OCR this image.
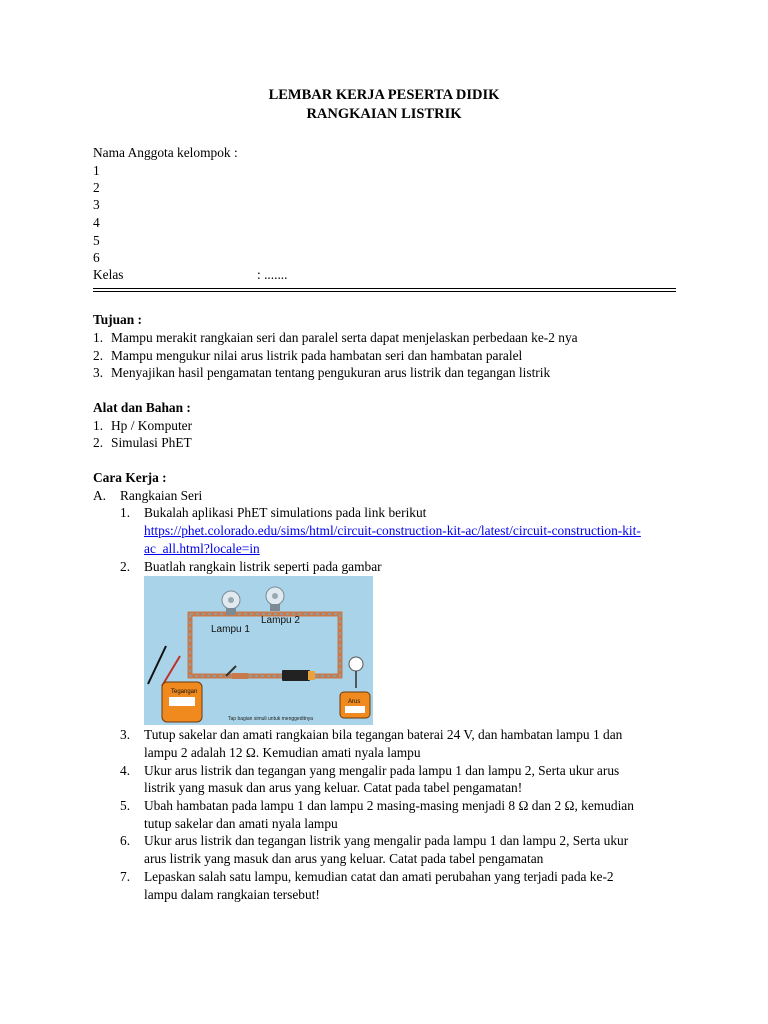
LEMBAR KERJA PESERTA DIDIK
RANGKAIAN LISTRIK
Nama Anggota kelompok :
1
2
3
4
5
6
Kelas	: .......
Tujuan :
1. Mampu merakit rangkaian seri dan paralel serta dapat menjelaskan perbedaan ke-2 nya
2. Mampu mengukur nilai arus listrik pada hambatan seri dan hambatan paralel
3. Menyajikan hasil pengamatan tentang pengukuran arus listrik dan tegangan listrik
Alat dan Bahan :
1. Hp / Komputer
2. Simulasi PhET
Cara Kerja :
A. Rangkaian Seri
1. Bukalah aplikasi PhET simulations pada link berikut
https://phet.colorado.edu/sims/html/circuit-construction-kit-ac/latest/circuit-construction-kit-
ac_all.html?locale=in
2. Buatlah rangkain listrik seperti pada gambar
Lampu 1
Lampu 2
Tegangan
Arus
Tap bagian simuli untuk menggeditnya
3. Tutup sakelar dan amati rangkaian bila tegangan baterai 24 V, dan hambatan lampu 1 dan
lampu 2 adalah 12 Ω. Kemudian amati nyala lampu
4. Ukur arus listrik dan tegangan yang mengalir pada lampu 1 dan lampu 2, Serta ukur arus
listrik yang masuk dan arus yang keluar. Catat pada tabel pengamatan!
5. Ubah hambatan pada lampu 1 dan lampu 2 masing-masing menjadi 8 Ω dan 2 Ω, kemudian
tutup sakelar dan amati nyala lampu
6. Ukur arus listrik dan tegangan listrik yang mengalir pada lampu 1 dan lampu 2, Serta ukur
arus listrik yang masuk dan arus yang keluar. Catat pada tabel pengamatan
7. Lepaskan salah satu lampu, kemudian catat dan amati perubahan yang terjadi pada ke-2
lampu dalam rangkaian tersebut!
